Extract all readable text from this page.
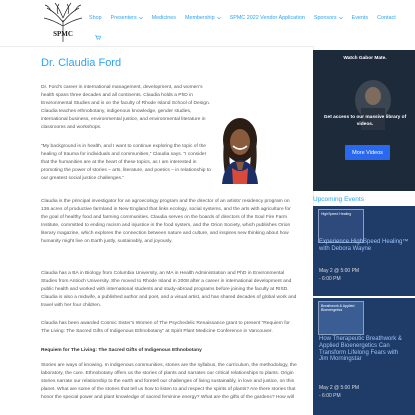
SPMC
Shop Presenters	Medicines Membership	SPMC 2022 Vendor Application Sponsors	Events Contact
Dr. Claudia Ford
Dr. Ford’s career in international management, development, and women’s health spans three decades and all continents. Claudia holds a PhD in Environmental Studies and is on the faculty of Rhode Island School of Design. Claudia teaches ethnobotany, indigenous knowledge, gender studies, international business, environmental justice, and environmental literature in classrooms and workshops.
“My background is in health, and I want to continue exploring the topic of the healing of trauma for individuals and communities,” Claudia says. “I consider that the humanities are at the heart of these topics, as I am interested in promoting the power of stories – arts, literature, and poetics – in relationship to our greatest social justice challenges.”
Claudia is the principal investigator for an agroecology program and the director of an artists’ residency program on 136 acres of productive farmland in New England that links ecology, social systems, and the arts with agriculture for the goal of healthy food and farming communities. Claudia serves on the boards of directors of the Soul Fire Farm Institute, committed to ending racism and injustice in the food system, and the Orion Society, which publishes Orion literary magazine, which explores the connection between nature and culture, and inspires new thinking about how humanity might live on Earth justly, sustainably, and joyously.
Claudia has a BA in Biology from Columbia University, an MA in Health Administration and PhD in Environmental Studies from Antioch University. She moved to Rhode Island in 2008 after a career in international development and public health and worked with international students and study-abroad programs before joining the faculty at RISD. Claudia is also a midwife, a published author and poet, and a visual artist, and has shared decades of global work and travel with her four children.
Claudia has been awarded Cosmic Sister’s Women of The Psychedelic Renaissance grant to present “Requiem for The Living: The Sacred Gifts of Indigenous Ethnobotany” at Spirit Plant Medicine Conference in Vancouver.
Requiem for The Living: The Sacred Gifts of Indigenous Ethnobotany
Stories are ways of knowing. In indigenous communities, stories are the syllabus, the curriculum, the methodology, the laboratory, the cure. Ethnobotany offers us the stories of plants and narrates our critical relationships to plants. Origin stories narrate our relationship to the earth and foretell our challenges of living sustainably, in love and justice, on this planet. What are some of the stories that tell us how to listen to and respect the spirits of plants? Are there stories that honor the special power and plant knowledge of sacred feminine energy? What are the gifts of the gardens? How will
Watch Gabor Mate.
Get access to our massive library of videos.
More Videos
Upcoming Events
HighSpeed Healing
Experience HighSpeed Healing™ with Debora Wayne
May 2 @ 5:00 PM
- 6:00 PM
Breathwork & Applied Bioenergetics
How Therapeutic Breathwork & Applied Bioenergetics Can Transform Lifelong Fears with Jim Morningstar
May 2 @ 5:00 PM
- 6:00 PM
